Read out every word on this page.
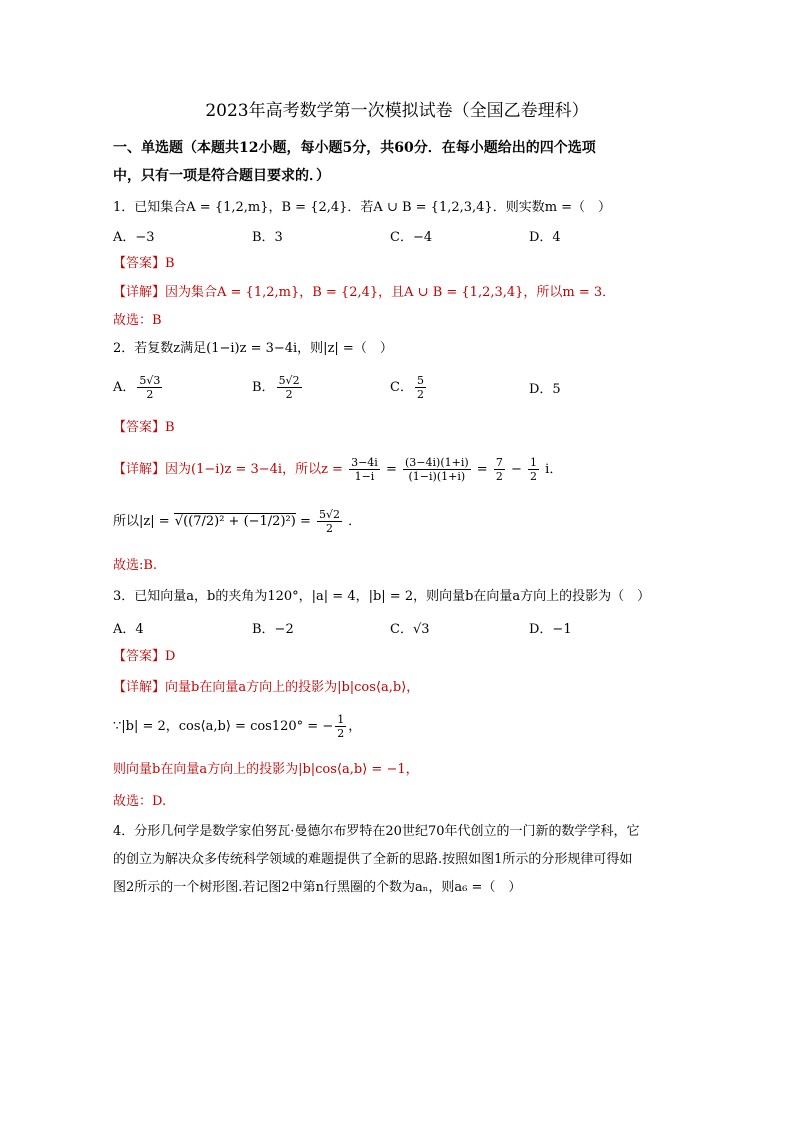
2023年高考数学第一次模拟试卷（全国乙卷理科）
一、单选题（本题共12小题，每小题5分，共60分．在每小题给出的四个选项
中，只有一项是符合题目要求的．）
1．已知集合A = {1,2,m}，B = {2,4}．若A ∪ B = {1,2,3,4}．则实数m =（　）
A．−3	B．3	C．−4	D．4
【答案】B
【详解】因为集合A = {1,2,m}，B = {2,4}，且A ∪ B = {1,2,3,4}，所以m = 3．
故选：B
2．若复数z满足(1−i)z = 3−4i，则|z| =（　）
A． $\frac{5√3}{2}$	B． $\frac{5√2}{2}$	C． $\frac{5}{2}$	D．5
【答案】B
【详解】因为(1−i)z = 3−4i，所以$z = \frac{3-4i}{1-i} = \frac{(3-4i)(1+i)}{(1-i)(1+i)} = \frac{7}{2} - \frac{1}{2}$ i．
所以$|z| = √((7/2)^2 + (-1/2)^2) = \frac{5√2}{2}$ ．
故选:B.
3．已知向量a，b的夹角为120°，|a| = 4，|b| = 2，则向量b在向量a方向上的投影为（　）
A．4	B．−2	C．√3	D．−1
【答案】D
【详解】向量b在向量a方向上的投影为|b|cos⟨a,b⟩，
∵|b| = 2，cos⟨a,b⟩ = cos120° = − $\frac{1}{2}$ ，
则向量b在向量a方向上的投影为|b|cos⟨a,b⟩ = −1，
故选：D.
4．分形几何学是数学家伯努瓦·曼德尔布罗特在20世纪70年代创立的一门新的数学学科，它
的创立为解决众多传统科学领域的难题提供了全新的思路.按照如图1所示的分形规律可得如
图2所示的一个树形图.若记图2中第n行黑圈的个数为aₙ，则a₆ =（　）
